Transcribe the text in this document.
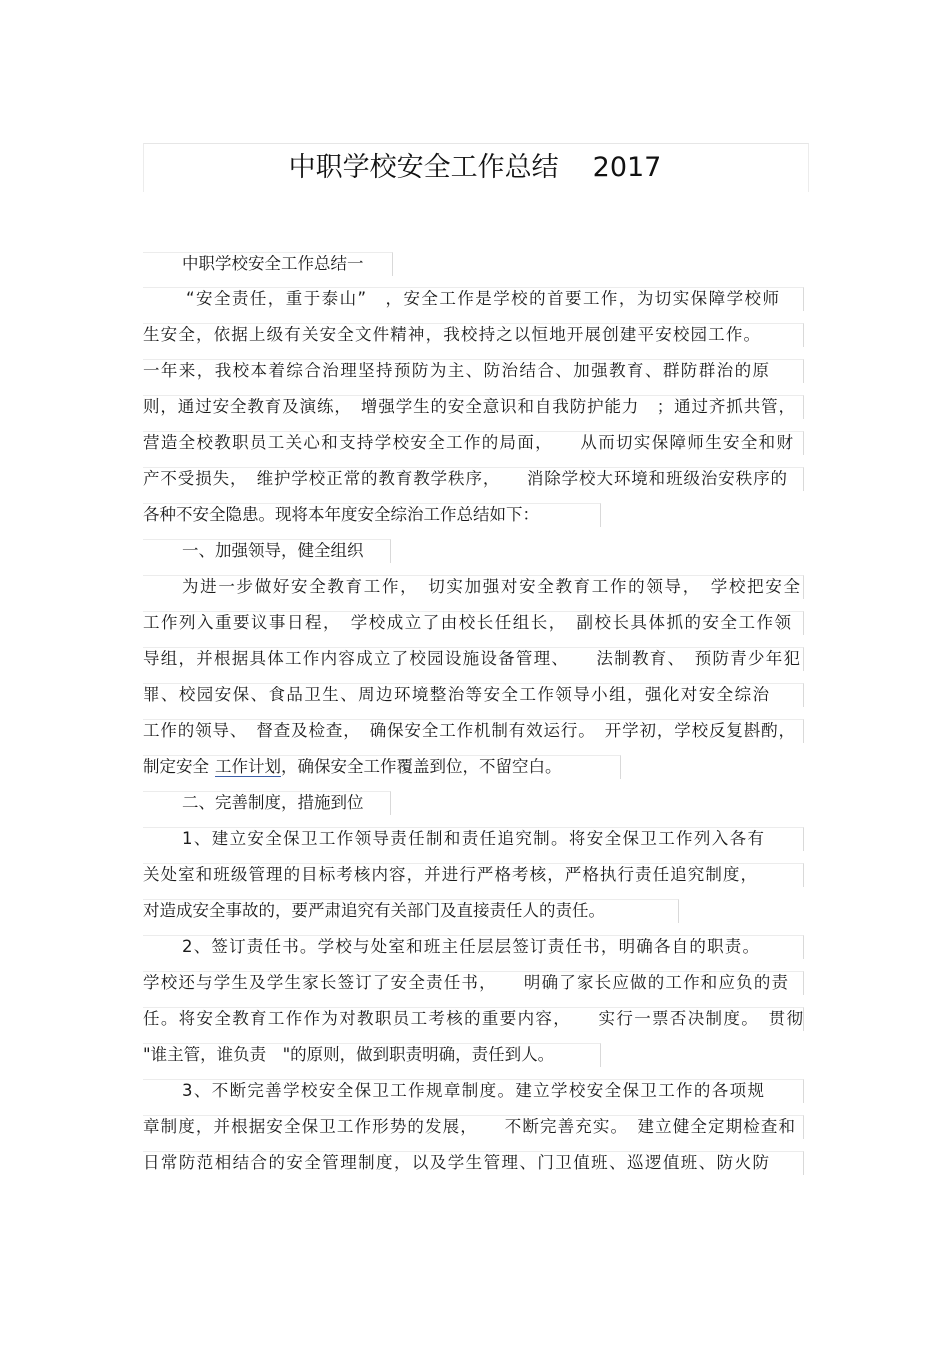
中职学校安全工作总结 2017
中职学校安全工作总结一
“安全责任，重于泰山”　，安全工作是学校的首要工作，为切实保障学校师
生安全，依据上级有关安全文件精神，我校持之以恒地开展创建平安校园工作。
一年来，我校本着综合治理坚持预防为主、防治结合、加强教育、群防群治的原
则，通过安全教育及演练，　增强学生的安全意识和自我防护能力　；通过齐抓共管，
营造全校教职员工关心和支持学校安全工作的局面，　　从而切实保障师生安全和财
产不受损失，　维护学校正常的教育教学秩序，　　消除学校大环境和班级治安秩序的
各种不安全隐患。现将本年度安全综治工作总结如下：
一、加强领导，健全组织
为进一步做好安全教育工作，　切实加强对安全教育工作的领导，　学校把安全
工作列入重要议事日程，　学校成立了由校长任组长，　副校长具体抓的安全工作领
导组，并根据具体工作内容成立了校园设施设备管理、　　法制教育、　预防青少年犯
罪、校园安保、食品卫生、周边环境整治等安全工作领导小组，强化对安全综治
工作的领导、　督查及检查，　确保安全工作机制有效运行。　开学初，学校反复斟酌，
制定安全 工作计划，确保安全工作覆盖到位，不留空白。
二、完善制度，措施到位
1、建立安全保卫工作领导责任制和责任追究制。将安全保卫工作列入各有
关处室和班级管理的目标考核内容，并进行严格考核，严格执行责任追究制度，
对造成安全事故的，要严肃追究有关部门及直接责任人的责任。
2、签订责任书。学校与处室和班主任层层签订责任书，明确各自的职责。
学校还与学生及学生家长签订了安全责任书，　　明确了家长应做的工作和应负的责
任。将安全教育工作作为对教职员工考核的重要内容，　　实行一票否决制度。　贯彻
"谁主管，谁负责　"的原则，做到职责明确，责任到人。
3、不断完善学校安全保卫工作规章制度。建立学校安全保卫工作的各项规
章制度，并根据安全保卫工作形势的发展，　　不断完善充实。　建立健全定期检查和
日常防范相结合的安全管理制度，以及学生管理、门卫值班、巡逻值班、防火防
